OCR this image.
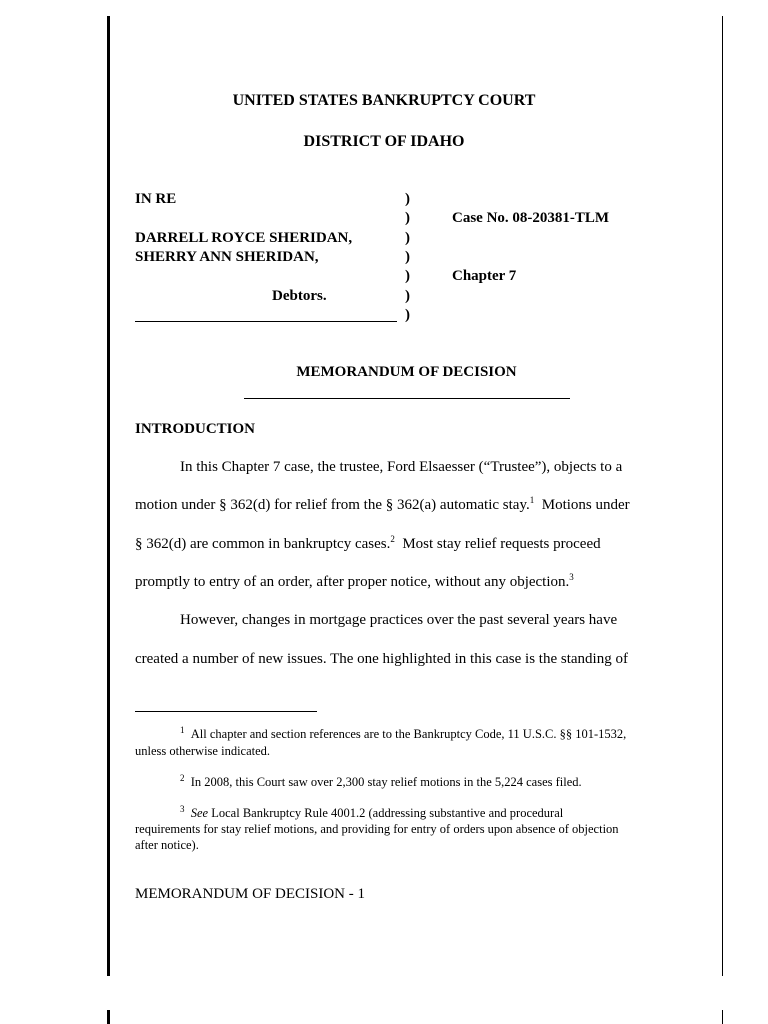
UNITED STATES BANKRUPTCY COURT
DISTRICT OF IDAHO
IN RE
DARRELL ROYCE SHERIDAN,
SHERRY ANN SHERIDAN,
Debtors.
)
)
)
)
)
)
)
Case No. 08-20381-TLM
Chapter 7
MEMORANDUM OF DECISION
INTRODUCTION
In this Chapter 7 case, the trustee, Ford Elsaesser (“Trustee”), objects to a
motion under § 362(d) for relief from the § 362(a) automatic stay.$^1$  Motions under
§ 362(d) are common in bankruptcy cases.$^2$  Most stay relief requests proceed
promptly to entry of an order, after proper notice, without any objection.$^3$
However, changes in mortgage practices over the past several years have
created a number of new issues. The one highlighted in this case is the standing of
$^1$ All chapter and section references are to the Bankruptcy Code, 11 U.S.C. §§ 101-1532,
unless otherwise indicated.
$^2$ In 2008, this Court saw over 2,300 stay relief motions in the 5,224 cases filed.
$^3$ See Local Bankruptcy Rule 4001.2 (addressing substantive and procedural
requirements for stay relief motions, and providing for entry of orders upon absence of objection
after notice).
MEMORANDUM OF DECISION - 1
